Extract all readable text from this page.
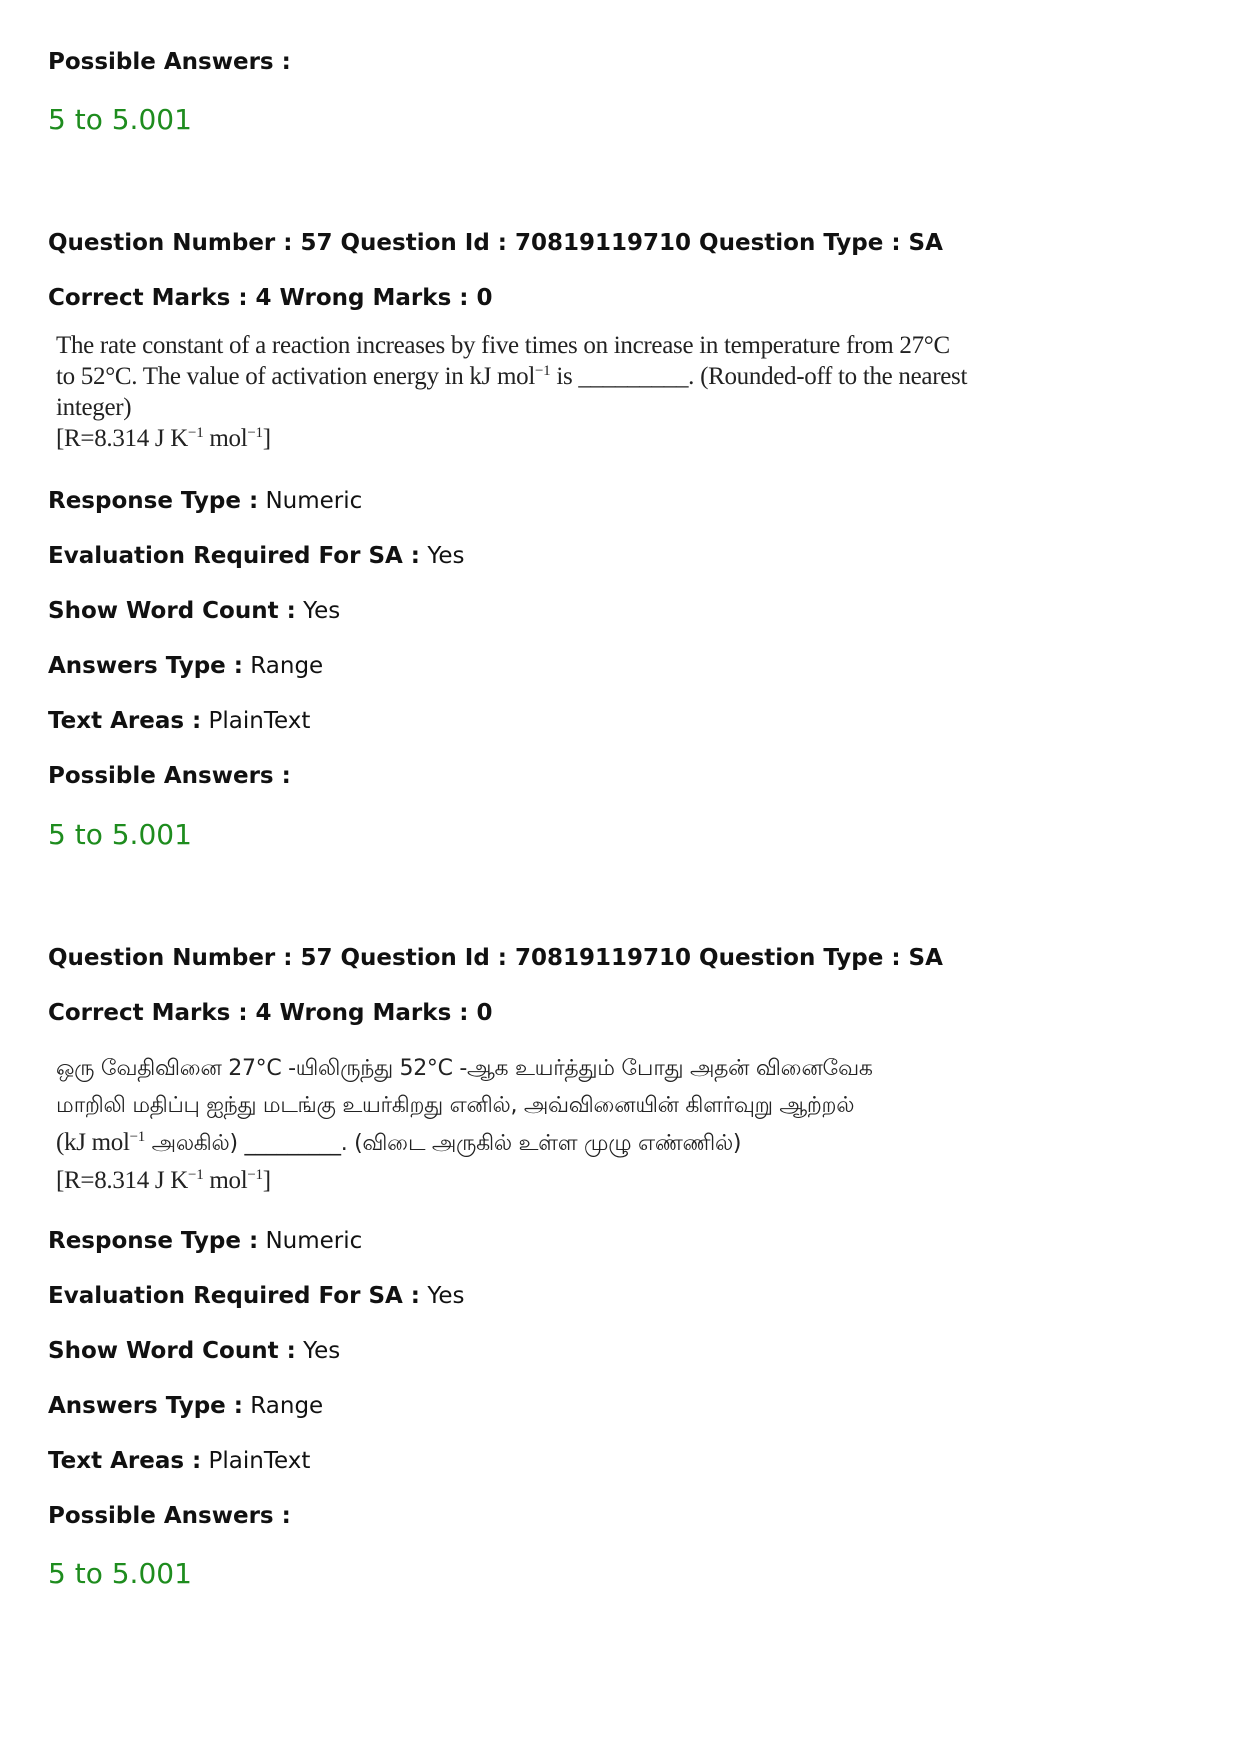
Possible Answers :
5 to 5.001
Question Number : 57 Question Id : 70819119710 Question Type : SA
Correct Marks : 4 Wrong Marks : 0
The rate constant of a reaction increases by five times on increase in temperature from 27°C
to 52°C. The value of activation energy in kJ mol$^{-1}$ is _________. (Rounded-off to the nearest
integer)
[R=8.314 J $K^{-1}$ mol$^{-1}$]
Response Type : Numeric
Evaluation Required For SA : Yes
Show Word Count : Yes
Answers Type : Range
Text Areas : PlainText
Possible Answers :
5 to 5.001
Question Number : 57 Question Id : 70819119710 Question Type : SA
Correct Marks : 4 Wrong Marks : 0
ஒரு வேதிவினை 27°C -யிலிருந்து 52°C -ஆக உயர்த்தும் போது அதன் வினைவேக
மாறிலி மதிப்பு ஐந்து மடங்கு உயர்கிறது எனில், அவ்வினையின் கிளர்வுறு ஆற்றல்
(kJ mol$^{-1}$ அலகில்) _________. (விடை அருகில் உள்ள முழு எண்ணில்)
[R=8.314 J $K^{-1}$ mol$^{-1}$]
Response Type : Numeric
Evaluation Required For SA : Yes
Show Word Count : Yes
Answers Type : Range
Text Areas : PlainText
Possible Answers :
5 to 5.001
